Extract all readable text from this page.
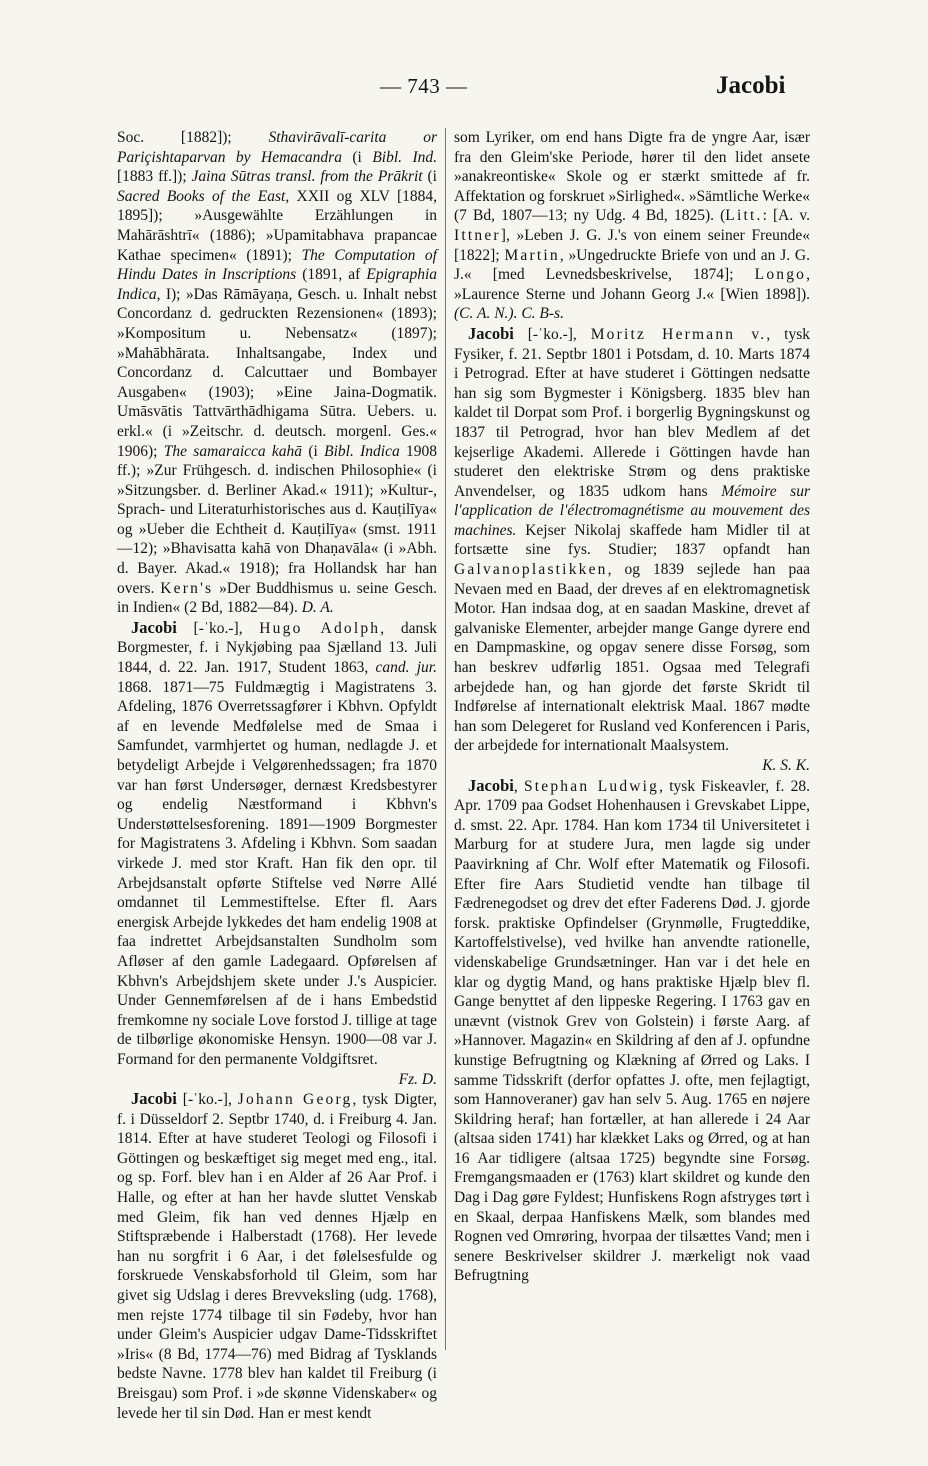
— 743 —	Jacobi

Soc. [1882]); Sthavirāvalī-carita or Pariçishtaparvan by Hemacandra (i Bibl. Ind. [1883 ff.]); Jaina Sūtras transl. from the Prākrit (i Sacred Books of the East, XXII og XLV [1884, 1895]); »Ausgewählte Erzählungen in Mahārāshtrī« (1886); »Upamitabhava prapancae Kathae specimen« (1891); The Computation of Hindu Dates in Inscriptions (1891, af Epigraphia Indica, I); »Das Rāmāyaṇa, Gesch. u. Inhalt nebst Concordanz d. gedruckten Rezensionen« (1893); »Kompositum u. Nebensatz« (1897); »Mahābhārata. Inhaltsangabe, Index und Concordanz d. Calcuttaer und Bombayer Ausgaben« (1903); »Eine Jaina-Dogmatik. Umāsvātis Tattvārthādhigama Sūtra. Uebers. u. erkl.« (i »Zeitschr. d. deutsch. morgenl. Ges.« 1906); The samaraicca kahā (i Bibl. Indica 1908 ff.); »Zur Frühgesch. d. indischen Philosophie« (i »Sitzungsber. d. Berliner Akad.« 1911); »Kultur-, Sprach- und Literaturhistorisches aus d. Kauṭilīya« og »Ueber die Echtheit d. Kauṭilīya« (smst. 1911 —12); »Bhavisatta kahā von Dhaṇavāla« (i »Abh. d. Bayer. Akad.« 1918); fra Hollandsk har han overs. Kern's »Der Buddhismus u. seine Gesch. in Indien« (2 Bd, 1882—84). D. A.

Jacobi [-ˈko.-], Hugo Adolph, dansk Borgmester, f. i Nykjøbing paa Sjælland 13. Juli 1844, d. 22. Jan. 1917, Student 1863, cand. jur. 1868. 1871—75 Fuldmægtig i Magistratens 3. Afdeling, 1876 Overretssagfører i Kbhvn. Opfyldt af en levende Medfølelse med de Smaa i Samfundet, varmhjertet og human, nedlagde J. et betydeligt Arbejde i Velgørenhedssagen; fra 1870 var han først Undersøger, dernæst Kredsbestyrer og endelig Næstformand i Kbhvn's Understøttelsesforening. 1891—1909 Borgmester for Magistratens 3. Afdeling i Kbhvn. Som saadan virkede J. med stor Kraft. Han fik den opr. til Arbejdsanstalt opførte Stiftelse ved Nørre Allé omdannet til Lemmestiftelse. Efter fl. Aars energisk Arbejde lykkedes det ham endelig 1908 at faa indrettet Arbejdsanstalten Sundholm som Afløser af den gamle Ladegaard. Opførelsen af Kbhvn's Arbejdshjem skete under J.'s Auspicier. Under Gennemførelsen af de i hans Embedstid fremkomne ny sociale Love forstod J. tillige at tage de tilbørlige økonomiske Hensyn. 1900—08 var J. Formand for den permanente Voldgiftsret.

Fz. D.

Jacobi [-ˈko.-], Johann Georg, tysk Digter, f. i Düsseldorf 2. Septbr 1740, d. i Freiburg 4. Jan. 1814. Efter at have studeret Teologi og Filosofi i Göttingen og beskæftiget sig meget med eng., ital. og sp. Forf. blev han i en Alder af 26 Aar Prof. i Halle, og efter at han her havde sluttet Venskab med Gleim, fik han ved dennes Hjælp en Stiftspræbende i Halberstadt (1768). Her levede han nu sorgfrit i 6 Aar, i det følelsesfulde og forskruede Venskabsforhold til Gleim, som har givet sig Udslag i deres Brevveksling (udg. 1768), men rejste 1774 tilbage til sin Fødeby, hvor han under Gleim's Auspicier udgav Dame-Tidsskriftet »Iris« (8 Bd, 1774—76) med Bidrag af Tysklands bedste Navne. 1778 blev han kaldet til Freiburg (i Breisgau) som Prof. i »de skønne Videnskaber« og levede her til sin Død. Han er mest kendt

som Lyriker, om end hans Digte fra de yngre Aar, især fra den Gleim'ske Periode, hører til den lidet ansete »anakreontiske« Skole og er stærkt smittede af fr. Affektation og forskruet »Sirlighed«. »Sämtliche Werke« (7 Bd, 1807—13; ny Udg. 4 Bd, 1825). (Litt.: [A. v. Ittner], »Leben J. G. J.'s von einem seiner Freunde« [1822]; Martin, »Ungedruckte Briefe von und an J. G. J.« [med Levnedsbeskrivelse, 1874]; Longo, »Laurence Sterne und Johann Georg J.« [Wien 1898]). (C. A. N.). C. B-s.

Jacobi [-ˈko.-], Moritz Hermann v., tysk Fysiker, f. 21. Septbr 1801 i Potsdam, d. 10. Marts 1874 i Petrograd. Efter at have studeret i Göttingen nedsatte han sig som Bygmester i Königsberg. 1835 blev han kaldet til Dorpat som Prof. i borgerlig Bygningskunst og 1837 til Petrograd, hvor han blev Medlem af det kejserlige Akademi. Allerede i Göttingen havde han studeret den elektriske Strøm og dens praktiske Anvendelser, og 1835 udkom hans Mémoire sur l'application de l'électromagnétisme au mouvement des machines. Kejser Nikolaj skaffede ham Midler til at fortsætte sine fys. Studier; 1837 opfandt han Galvanoplastikken, og 1839 sejlede han paa Nevaen med en Baad, der dreves af en elektromagnetisk Motor. Han indsaa dog, at en saadan Maskine, drevet af galvaniske Elementer, arbejder mange Gange dyrere end en Dampmaskine, og opgav senere disse Forsøg, som han beskrev udførlig 1851. Ogsaa med Telegrafi arbejdede han, og han gjorde det første Skridt til Indførelse af internationalt elektrisk Maal. 1867 mødte han som Delegeret for Rusland ved Konferencen i Paris, der arbejdede for internationalt Maalsystem.

K. S. K.

Jacobi, Stephan Ludwig, tysk Fiskeavler, f. 28. Apr. 1709 paa Godset Hohenhausen i Grevskabet Lippe, d. smst. 22. Apr. 1784. Han kom 1734 til Universitetet i Marburg for at studere Jura, men lagde sig under Paavirkning af Chr. Wolf efter Matematik og Filosofi. Efter fire Aars Studietid vendte han tilbage til Fædrenegodset og drev det efter Faderens Død. J. gjorde forsk. praktiske Opfindelser (Grynmølle, Frugteddike, Kartoffelstivelse), ved hvilke han anvendte rationelle, videnskabelige Grundsætninger. Han var i det hele en klar og dygtig Mand, og hans praktiske Hjælp blev fl. Gange benyttet af den lippeske Regering. I 1763 gav en unævnt (vistnok Grev von Golstein) i første Aarg. af »Hannover. Magazin« en Skildring af den af J. opfundne kunstige Befrugtning og Klækning af Ørred og Laks. I samme Tidsskrift (derfor opfattes J. ofte, men fejlagtigt, som Hannoveraner) gav han selv 5. Aug. 1765 en nøjere Skildring heraf; han fortæller, at han allerede i 24 Aar (altsaa siden 1741) har klækket Laks og Ørred, og at han 16 Aar tidligere (altsaa 1725) begyndte sine Forsøg. Fremgangsmaaden er (1763) klart skildret og kunde den Dag i Dag gøre Fyldest; Hunfiskens Rogn afstryges tørt i en Skaal, derpaa Hanfiskens Mælk, som blandes med Rognen ved Omrøring, hvorpaa der tilsættes Vand; men i senere Beskrivelser skildrer J. mærkeligt nok vaad Befrugtning
